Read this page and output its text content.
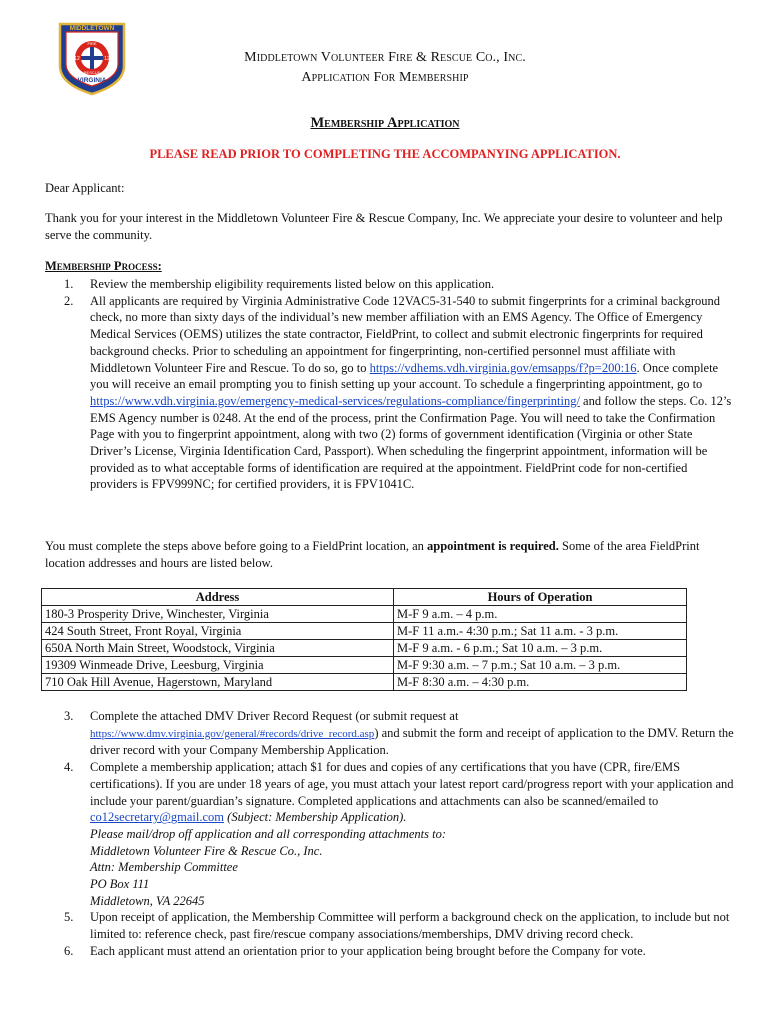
MIDDLETOWN
VIRGINIA
FIRE
RESCUE
12	12	Middletown Volunteer Fire & Rescue Co., Inc.
Application For Membership
Membership Application
PLEASE READ PRIOR TO COMPLETING THE ACCOMPANYING APPLICATION.
Dear Applicant:
Thank you for your interest in the Middletown Volunteer Fire & Rescue Company, Inc. We appreciate your desire to volunteer and help serve the community.
Membership Process:
1. Review the membership eligibility requirements listed below on this application.
2. All applicants are required by Virginia Administrative Code 12VAC5-31-540 to submit fingerprints for a criminal background check, no more than sixty days of the individual’s new member affiliation with an EMS Agency. The Office of Emergency Medical Services (OEMS) utilizes the state contractor, FieldPrint, to collect and submit electronic fingerprints for required background checks. Prior to scheduling an appointment for fingerprinting, non-certified personnel must affiliate with Middletown Volunteer Fire and Rescue. To do so, go to https://vdhems.vdh.virginia.gov/emsapps/f?p=200:16. Once complete you will receive an email prompting you to finish setting up your account. To schedule a fingerprinting appointment, go to https://www.vdh.virginia.gov/emergency-medical-services/regulations-compliance/fingerprinting/ and follow the steps. Co. 12’s EMS Agency number is 0248. At the end of the process, print the Confirmation Page. You will need to take the Confirmation Page with you to fingerprint appointment, along with two (2) forms of government identification (Virginia or other State Driver’s License, Virginia Identification Card, Passport). When scheduling the fingerprint appointment, information will be provided as to what acceptable forms of identification are required at the appointment. FieldPrint code for non-certified providers is FPV999NC; for certified providers, it is FPV1041C.
You must complete the steps above before going to a FieldPrint location, an appointment is required. Some of the area FieldPrint location addresses and hours are listed below.
Address	Hours of Operation
180-3 Prosperity Drive, Winchester, Virginia	M-F 9 a.m. – 4 p.m.
424 South Street, Front Royal, Virginia	M-F 11 a.m.- 4:30 p.m.; Sat 11 a.m. - 3 p.m.
650A North Main Street, Woodstock, Virginia	M-F 9 a.m. - 6 p.m.; Sat 10 a.m. – 3 p.m.
19309 Winmeade Drive, Leesburg, Virginia	M-F 9:30 a.m. – 7 p.m.; Sat 10 a.m. – 3 p.m.
710 Oak Hill Avenue, Hagerstown, Maryland	M-F 8:30 a.m. – 4:30 p.m.
3. Complete the attached DMV Driver Record Request (or submit request at
https://www.dmv.virginia.gov/general/#records/drive_record.asp) and submit the form and receipt of application to the DMV. Return the driver record with your Company Membership Application.
4. Complete a membership application; attach $1 for dues and copies of any certifications that you have (CPR, fire/EMS certifications). If you are under 18 years of age, you must attach your latest report card/progress report with your application and include your parent/guardian’s signature. Completed applications and attachments can also be scanned/emailed to co12secretary@gmail.com (Subject: Membership Application).
Please mail/drop off application and all corresponding attachments to:
Middletown Volunteer Fire & Rescue Co., Inc.
Attn: Membership Committee
PO Box 111
Middletown, VA 22645
5. Upon receipt of application, the Membership Committee will perform a background check on the application, to include but not limited to: reference check, past fire/rescue company associations/memberships, DMV driving record check.
6. Each applicant must attend an orientation prior to your application being brought before the Company for vote.
